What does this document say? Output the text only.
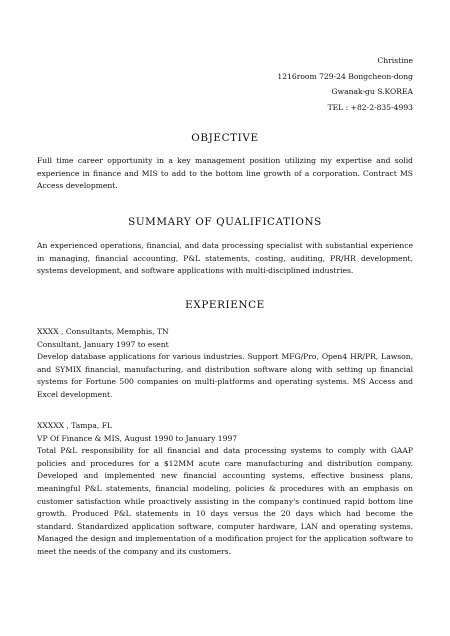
Christine
1216room 729-24 Bongcheon-dong
Gwanak-gu S.KOREA
TEL : +82-2-835-4993
OBJECTIVE
Full time career opportunity in a key management position utilizing my expertise and solid experience in finance and MIS to add to the bottom line growth of a corporation. Contract MS Access development.
SUMMARY OF QUALIFICATIONS
An experienced operations, financial, and data processing specialist with substantial experience in managing, financial accounting, P&L statements, costing, auditing, PR/HR development, systems development, and software applications with multi-disciplined industries.
EXPERIENCE
XXXX , Consultants, Memphis, TN
Consultant, January 1997 to esent
Develop database applications for various industries. Support MFG/Pro, Open4 HR/PR, Lawson, and SYMIX financial, manufacturing, and distribution software along with setting up financial systems for Fortune 500 companies on multi-platforms and operating systems. MS Access and Excel development.
XXXXX , Tampa, FL
VP Of Finance & MIS, August 1990 to January 1997
Total P&L responsibility for all financial and data processing systems to comply with GAAP policies and procedures for a $12MM acute care manufacturing and distribution company. Developed and implemented new financial accounting systems, effective business plans, meaningful P&L statements, financial modeling, policies & procedures with an emphasis on customer satisfaction while proactively assisting in the company's continued rapid bottom line growth. Produced P&L statements in 10 days versus the 20 days which had become the standard. Standardized application software, computer hardware, LAN and operating systems. Managed the design and implementation of a modification project for the application software to meet the needs of the company and its customers.
